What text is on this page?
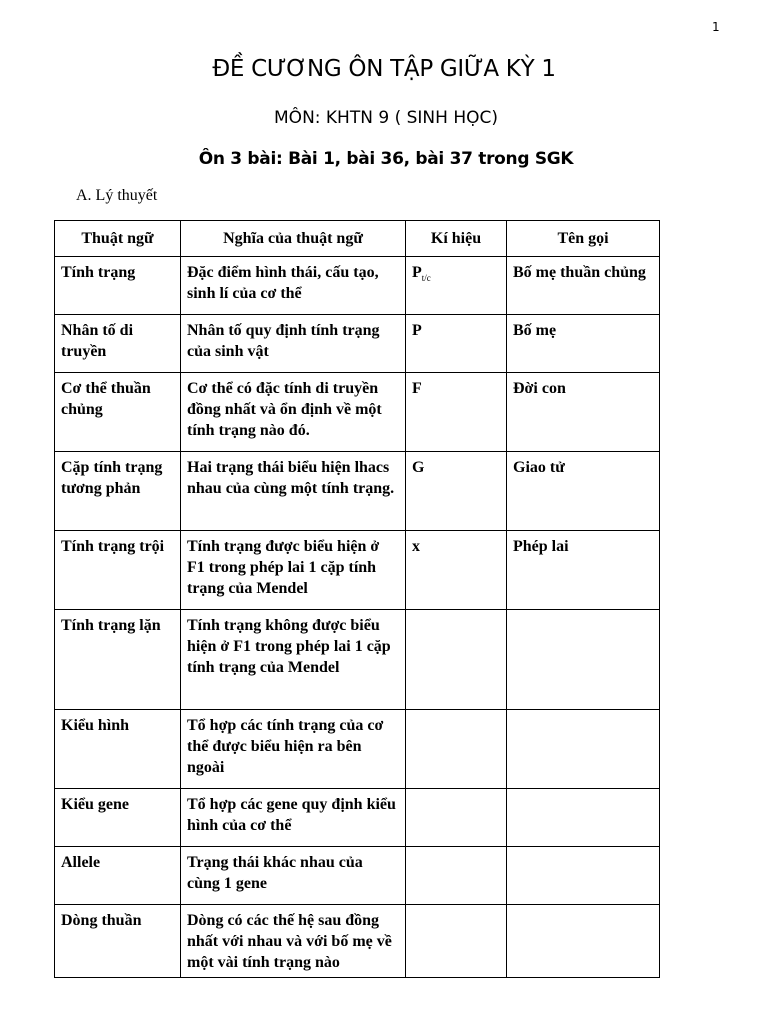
1
ĐỀ CƯƠNG ÔN TẬP GIỮA KỲ 1
MÔN: KHTN 9 ( SINH HỌC)
Ôn 3 bài: Bài 1, bài 36, bài 37 trong SGK
A. Lý thuyết
Thuật ngữ	Nghĩa của thuật ngữ	Kí hiệu	Tên gọi
Tính trạng	Đặc điểm hình thái, cấu tạo, sinh lí của cơ thể	$P_{t/c}$	Bố mẹ thuần chủng
Nhân tố di truyền	Nhân tố quy định tính trạng của sinh vật	P	Bố mẹ
Cơ thể thuần chủng	Cơ thể có đặc tính di truyền đồng nhất và ổn định về một tính trạng nào đó.	F	Đời con
Cặp tính trạng tương phản	Hai trạng thái biểu hiện lhacs nhau của cùng một tính trạng.	G	Giao tử
Tính trạng trội	Tính trạng được biểu hiện ở F1 trong phép lai 1 cặp tính trạng của Mendel	x	Phép lai
Tính trạng lặn	Tính trạng không được biểu hiện ở F1 trong phép lai 1 cặp tính trạng của Mendel		
Kiểu hình	Tổ hợp các tính trạng của cơ thể được biểu hiện ra bên ngoài		
Kiểu gene	Tổ hợp các gene quy định kiểu hình của cơ thể		
Allele	Trạng thái khác nhau của cùng 1 gene		
Dòng thuần	Dòng có các thế hệ sau đồng nhất với nhau và với bố mẹ về một vài tính trạng nào		
